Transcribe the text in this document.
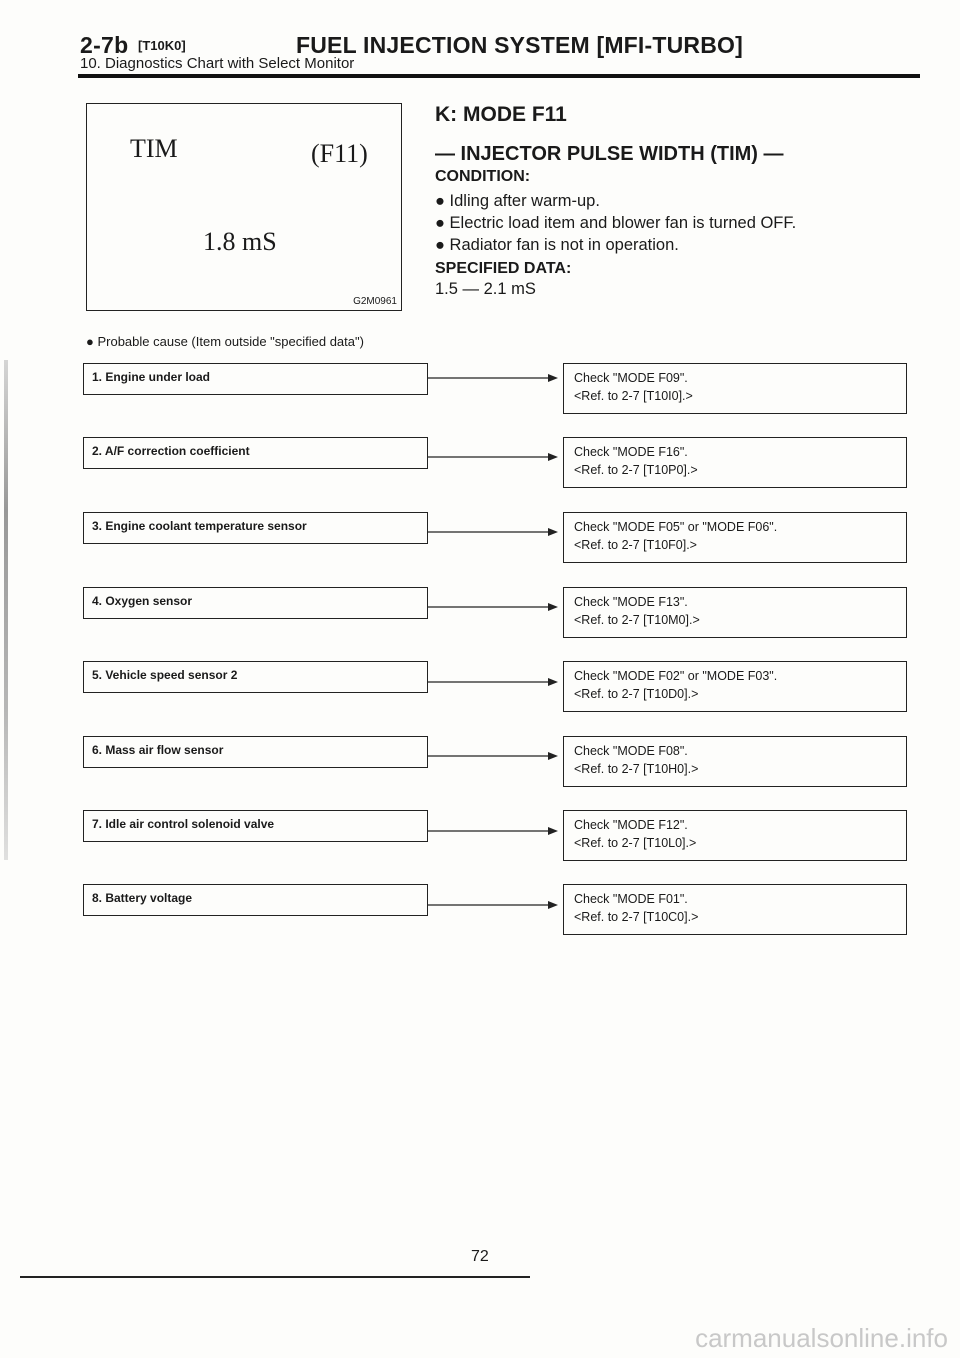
2-7b [T10K0]	FUEL INJECTION SYSTEM [MFI-TURBO]
10. Diagnostics Chart with Select Monitor
TIM	(F11)
1.8 mS
G2M0961
K: MODE F11
— INJECTOR PULSE WIDTH (TIM) —
CONDITION:
● Idling after warm-up.
● Electric load item and blower fan is turned OFF.
● Radiator fan is not in operation.
SPECIFIED DATA:
1.5 — 2.1 mS
● Probable cause (Item outside "specified data")
1. Engine under load	Check "MODE F09".
<Ref. to 2-7 [T10I0].>
2. A/F correction coefficient	Check "MODE F16".
<Ref. to 2-7 [T10P0].>
3. Engine coolant temperature sensor	Check "MODE F05" or "MODE F06".
<Ref. to 2-7 [T10F0].>
4. Oxygen sensor	Check "MODE F13".
<Ref. to 2-7 [T10M0].>
5. Vehicle speed sensor 2	Check "MODE F02" or "MODE F03".
<Ref. to 2-7 [T10D0].>
6. Mass air flow sensor	Check "MODE F08".
<Ref. to 2-7 [T10H0].>
7. Idle air control solenoid valve	Check "MODE F12".
<Ref. to 2-7 [T10L0].>
8. Battery voltage	Check "MODE F01".
<Ref. to 2-7 [T10C0].>
72
carmanualsonline.info
